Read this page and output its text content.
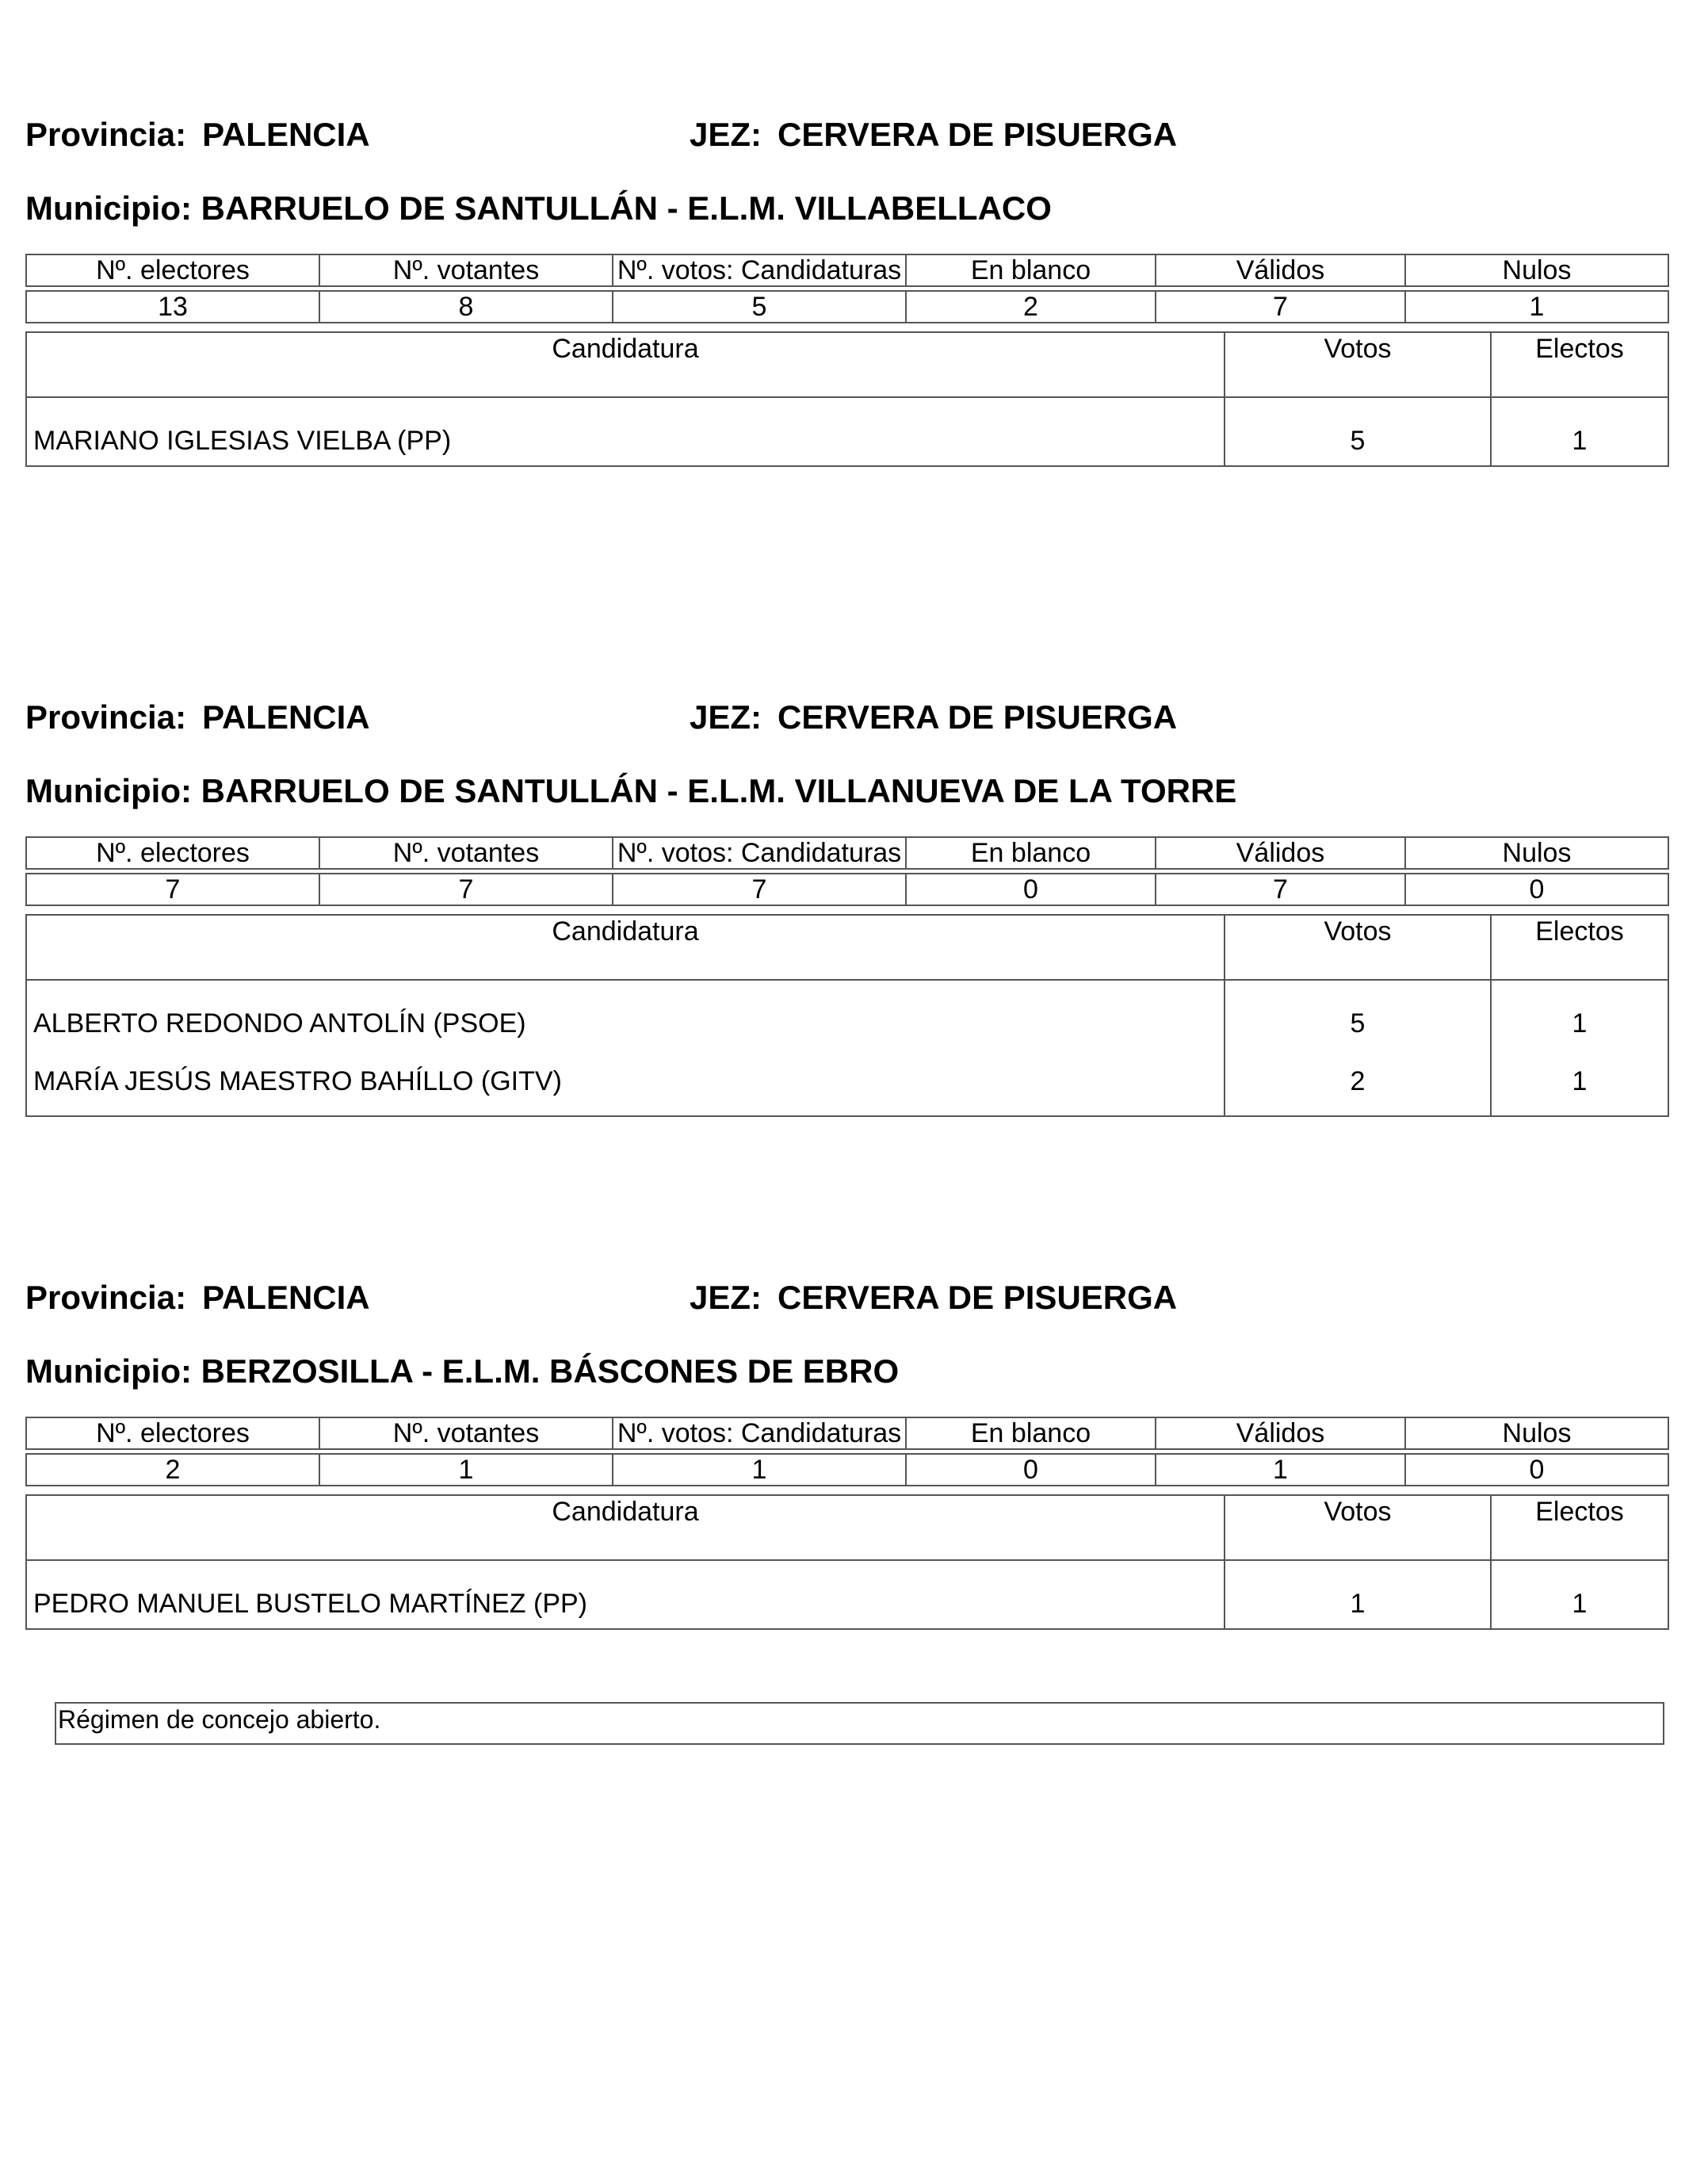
Provincia: PALENCIA	JEZ: CERVERA DE PISUERGA
Municipio: BARRUELO DE SANTULLÁN - E.L.M. VILLABELLACO
Nº. electores	Nº. votantes	Nº. votos: Candidaturas	En blanco	Válidos	Nulos

13	8	5	2	7	1
Candidatura	Votos	Electos
MARIANO IGLESIAS VIELBA (PP)	5	1
Provincia: PALENCIA	JEZ: CERVERA DE PISUERGA
Municipio: BARRUELO DE SANTULLÁN - E.L.M. VILLANUEVA DE LA TORRE
Nº. electores	Nº. votantes	Nº. votos: Candidaturas	En blanco	Válidos	Nulos

7	7	7	0	7	0
Candidatura	Votos	Electos
ALBERTO REDONDO ANTOLÍN (PSOE)	5	1
MARÍA JESÚS MAESTRO BAHÍLLO (GITV)	2	1
Provincia: PALENCIA	JEZ: CERVERA DE PISUERGA
Municipio: BERZOSILLA - E.L.M. BÁSCONES DE EBRO
Nº. electores	Nº. votantes	Nº. votos: Candidaturas	En blanco	Válidos	Nulos

2	1	1	0	1	0
Candidatura	Votos	Electos
PEDRO MANUEL BUSTELO MARTÍNEZ (PP)	1	1
Régimen de concejo abierto.
